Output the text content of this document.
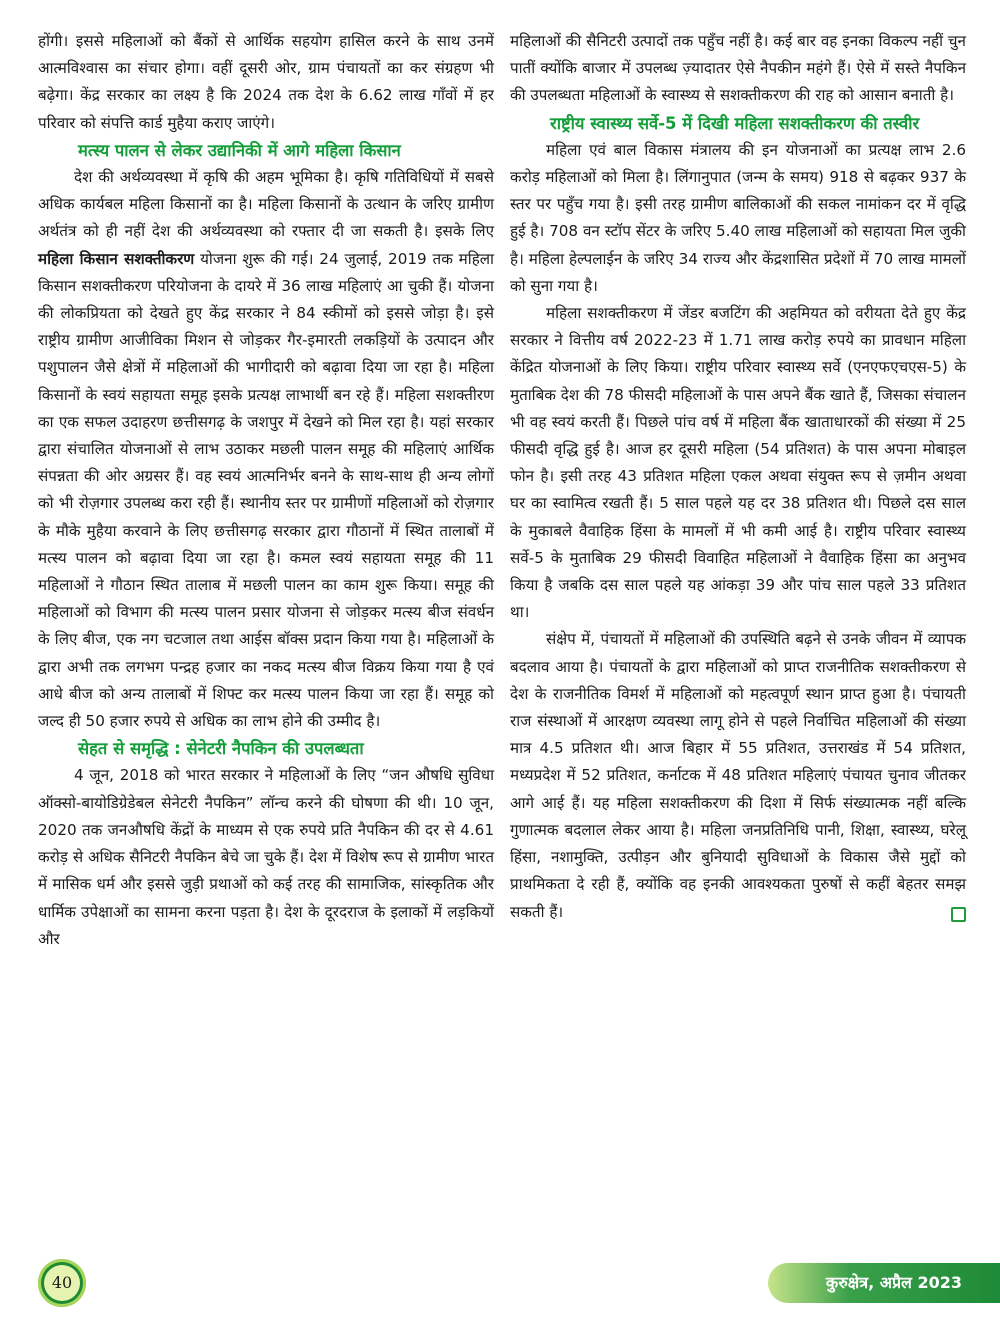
होंगी। इससे महिलाओं को बैंकों से आर्थिक सहयोग हासिल करने के साथ उनमें आत्मविश्वास का संचार होगा। वहीं दूसरी ओर, ग्राम पंचायतों का कर संग्रहण भी बढ़ेगा। केंद्र सरकार का लक्ष्य है कि 2024 तक देश के 6.62 लाख गाँवों में हर परिवार को संपत्ति कार्ड मुहैया कराए जाएंगे।

मत्स्य पालन से लेकर उद्यानिकी में आगे महिला किसान

देश की अर्थव्यवस्था में कृषि की अहम भूमिका है। कृषि गतिविधियों में सबसे अधिक कार्यबल महिला किसानों का है। महिला किसानों के उत्थान के जरिए ग्रामीण अर्थतंत्र को ही नहीं देश की अर्थव्यवस्था को रफ्तार दी जा सकती है। इसके लिए महिला किसान सशक्तीकरण योजना शुरू की गई। 24 जुलाई, 2019 तक महिला किसान सशक्तीकरण परियोजना के दायरे में 36 लाख महिलाएं आ चुकी हैं। योजना की लोकप्रियता को देखते हुए केंद्र सरकार ने 84 स्कीमों को इससे जोड़ा है। इसे राष्ट्रीय ग्रामीण आजीविका मिशन से जोड़कर गैर-इमारती लकड़ियों के उत्पादन और पशुपालन जैसे क्षेत्रों में महिलाओं की भागीदारी को बढ़ावा दिया जा रहा है। महिला किसानों के स्वयं सहायता समूह इसके प्रत्यक्ष लाभार्थी बन रहे हैं। महिला सशक्तीरण का एक सफल उदाहरण छत्तीसगढ़ के जशपुर में देखने को मिल रहा है। यहां सरकार द्वारा संचालित योजनाओं से लाभ उठाकर मछली पालन समूह की महिलाएं आर्थिक संपन्नता की ओर अग्रसर हैं। वह स्वयं आत्मनिर्भर बनने के साथ-साथ ही अन्य लोगों को भी रोज़गार उपलब्ध करा रही हैं। स्थानीय स्तर पर ग्रामीणों महिलाओं को रोज़गार के मौके मुहैया करवाने के लिए छत्तीसगढ़ सरकार द्वारा गौठानों में स्थित तालाबों में मत्स्य पालन को बढ़ावा दिया जा रहा है। कमल स्वयं सहायता समूह की 11 महिलाओं ने गौठान स्थित तालाब में मछली पालन का काम शुरू किया। समूह की महिलाओं को विभाग की मत्स्य पालन प्रसार योजना से जोड़कर मत्स्य बीज संवर्धन के लिए बीज, एक नग चटजाल तथा आईस बॉक्स प्रदान किया गया है। महिलाओं के द्वारा अभी तक लगभग पन्द्रह हजार का नकद मत्स्य बीज विक्रय किया गया है एवं आधे बीज को अन्य तालाबों में शिफ्ट कर मत्स्य पालन किया जा रहा हैं। समूह को जल्द ही 50 हजार रुपये से अधिक का लाभ होने की उम्मीद है।

सेहत से समृद्धि : सेनेटरी नैपकिन की उपलब्धता

4 जून, 2018 को भारत सरकार ने महिलाओं के लिए “जन औषधि सुविधा ऑक्सो-बायोडिग्रेडेबल सेनेटरी नैपकिन” लॉन्च करने की घोषणा की थी। 10 जून, 2020 तक जनऔषधि केंद्रों के माध्यम से एक रुपये प्रति नैपकिन की दर से 4.61 करोड़ से अधिक सैनिटरी नैपकिन बेचे जा चुके हैं। देश में विशेष रूप से ग्रामीण भारत में मासिक धर्म और इससे जुड़ी प्रथाओं को कई तरह की सामाजिक, सांस्कृतिक और धार्मिक उपेक्षाओं का सामना करना पड़ता है। देश के दूरदराज के इलाकों में लड़कियों और

महिलाओं की सैनिटरी उत्पादों तक पहुँच नहीं है। कई बार वह इनका विकल्प नहीं चुन पातीं क्योंकि बाजार में उपलब्ध ज़्यादातर ऐसे नैपकीन महंगे हैं। ऐसे में सस्ते नैपकिन की उपलब्धता महिलाओं के स्वास्थ्य से सशक्तीकरण की राह को आसान बनाती है।

राष्ट्रीय स्वास्थ्य सर्वे-5 में दिखी महिला सशक्तीकरण की तस्वीर

महिला एवं बाल विकास मंत्रालय की इन योजनाओं का प्रत्यक्ष लाभ 2.6 करोड़ महिलाओं को मिला है। लिंगानुपात (जन्म के समय) 918 से बढ़कर 937 के स्तर पर पहुँच गया है। इसी तरह ग्रामीण बालिकाओं की सकल नामांकन दर में वृद्धि हुई है। 708 वन स्टॉप सेंटर के जरिए 5.40 लाख महिलाओं को सहायता मिल जुकी है। महिला हेल्पलाईन के जरिए 34 राज्य और केंद्रशासित प्रदेशों में 70 लाख मामलों को सुना गया है।

महिला सशक्तीकरण में जेंडर बजटिंग की अहमियत को वरीयता देते हुए केंद्र सरकार ने वित्तीय वर्ष 2022-23 में 1.71 लाख करोड़ रुपये का प्रावधान महिला केंद्रित योजनाओं के लिए किया। राष्ट्रीय परिवार स्वास्थ्य सर्वे (एनएफएचएस-5) के मुताबिक देश की 78 फीसदी महिलाओं के पास अपने बैंक खाते हैं, जिसका संचालन भी वह स्वयं करती हैं। पिछले पांच वर्ष में महिला बैंक खाताधारकों की संख्या में 25 फीसदी वृद्धि हुई है। आज हर दूसरी महिला (54 प्रतिशत) के पास अपना मोबाइल फोन है। इसी तरह 43 प्रतिशत महिला एकल अथवा संयुक्त रूप से ज़मीन अथवा घर का स्वामित्व रखती हैं। 5 साल पहले यह दर 38 प्रतिशत थी। पिछले दस साल के मुकाबले वैवाहिक हिंसा के मामलों में भी कमी आई है। राष्ट्रीय परिवार स्वास्थ्य सर्वे-5 के मुताबिक 29 फीसदी विवाहित महिलाओं ने वैवाहिक हिंसा का अनुभव किया है जबकि दस साल पहले यह आंकड़ा 39 और पांच साल पहले 33 प्रतिशत था।

संक्षेप में, पंचायतों में महिलाओं की उपस्थिति बढ़ने से उनके जीवन में व्यापक बदलाव आया है। पंचायतों के द्वारा महिलाओं को प्राप्त राजनीतिक सशक्तीकरण से देश के राजनीतिक विमर्श में महिलाओं को महत्वपूर्ण स्थान प्राप्त हुआ है। पंचायती राज संस्थाओं में आरक्षण व्यवस्था लागू होने से पहले निर्वाचित महिलाओं की संख्या मात्र 4.5 प्रतिशत थी। आज बिहार में 55 प्रतिशत, उत्तराखंड में 54 प्रतिशत, मध्यप्रदेश में 52 प्रतिशत, कर्नाटक में 48 प्रतिशत महिलाएं पंचायत चुनाव जीतकर आगे आई हैं। यह महिला सशक्तीकरण की दिशा में सिर्फ संख्यात्मक नहीं बल्कि गुणात्मक बदलाल लेकर आया है। महिला जनप्रतिनिधि पानी, शिक्षा, स्वास्थ्य, घरेलू हिंसा, नशामुक्ति, उत्पीड़न और बुनियादी सुविधाओं के विकास जैसे मुद्दों को प्राथमिकता दे रही हैं, क्योंकि वह इनकी आवश्यकता पुरुषों से कहीं बेहतर समझ सकती हैं।

40	कुरुक्षेत्र, अप्रैल 2023
